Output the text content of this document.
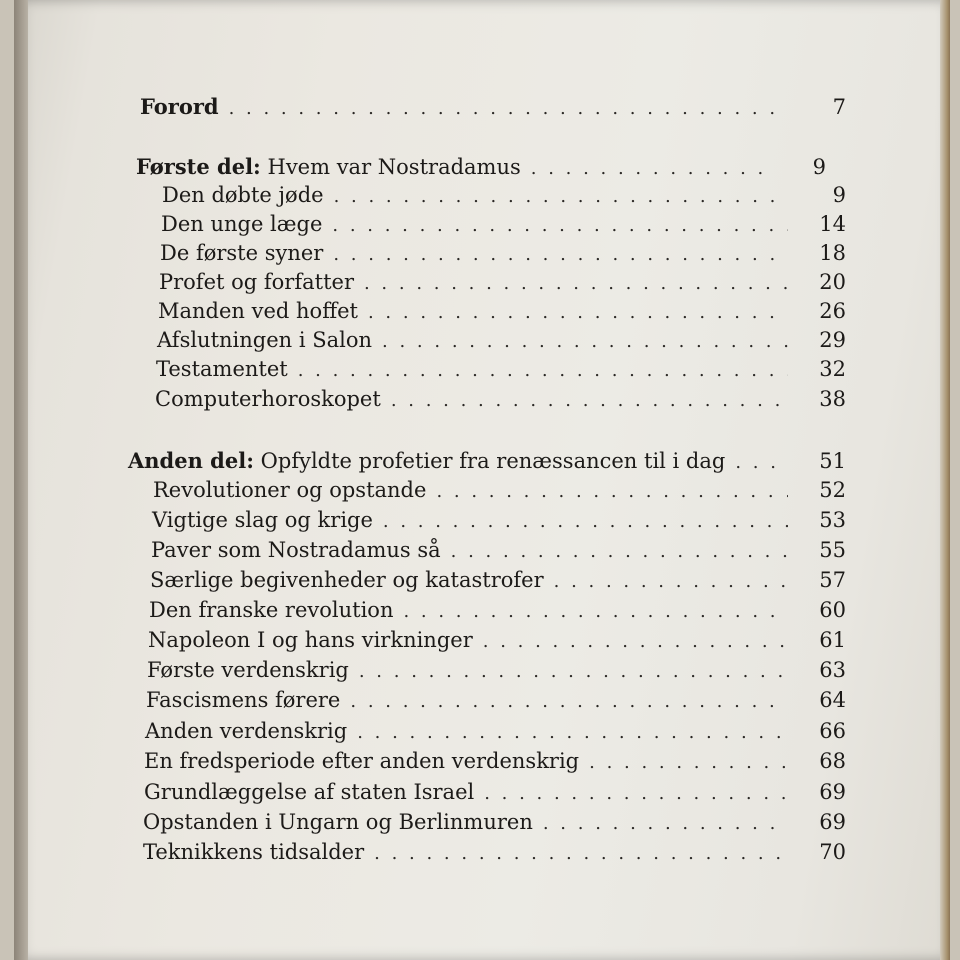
Forord . . .	7
Første del: Hvem var Nostradamus . . .	9
Den døbte jøde . . .	9
Den unge læge . . .	14
De første syner . . .	18
Profet og forfatter . . .	20
Manden ved hoffet . . .	26
Afslutningen i Salon . . .	29
Testamentet . . .	32
Computerhoroskopet . . .	38
Anden del: Opfyldte profetier fra renæssancen til i dag . . .	51
Revolutioner og opstande . . .	52
Vigtige slag og krige . . .	53
Paver som Nostradamus så . . .	55
Særlige begivenheder og katastrofer . . .	57
Den franske revolution . . .	60
Napoleon I og hans virkninger . . .	61
Første verdenskrig . . .	63
Fascismens førere . . .	64
Anden verdenskrig . . .	66
En fredsperiode efter anden verdenskrig . . .	68
Grundlæggelse af staten Israel . . .	69
Opstanden i Ungarn og Berlinmuren . . .	69
Teknikkens tidsalder . . .	70
